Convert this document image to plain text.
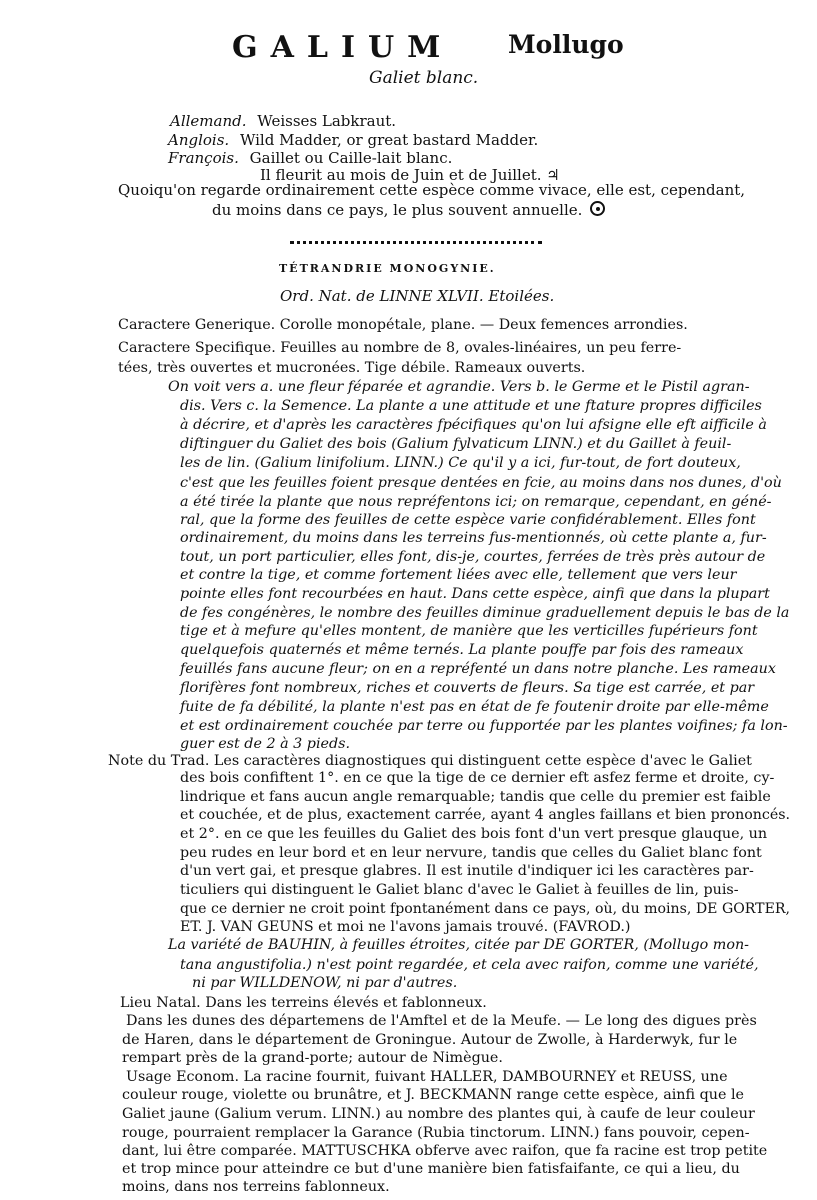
GALIUM Mollugo
Galiet blanc.
Allemand. Weisses Labkraut.
Anglois. Wild Madder, or great bastard Madder.
François. Gaillet ou Caille-lait blanc.
Il fleurit au mois de Juin et de Juillet. ♃
Quoiqu'on regarde ordinairement cette espèce comme vivace, elle est, cependant,
du moins dans ce pays, le plus souvent annuelle.
TÉTRANDRIE MONOGYNIE.
Ord. Nat. de LINNE XLVII. Etoilées.
Caractere Generique. Corolle monopétale, plane. — Deux femences arrondies.
Caractere Specifique. Feuilles au nombre de 8, ovales-linéaires, un peu ferre-
tées, très ouvertes et mucronées. Tige débile. Rameaux ouverts.
On voit vers a. une fleur féparée et agrandie. Vers b. le Germe et le Pistil agran-
dis. Vers c. la Semence. La plante a une attitude et une ftature propres difficiles
à décrire, et d'après les caractères fpécifiques qu'on lui afsigne elle eft aifficile à
diftinguer du Galiet des bois (Galium fylvaticum LINN.) et du Gaillet à feuil-
les de lin. (Galium linifolium. LINN.) Ce qu'il y a ici, fur-tout, de fort douteux,
c'est que les feuilles foient presque dentées en fcie, au moins dans nos dunes, d'où
a été tirée la plante que nous repréfentons ici; on remarque, cependant, en géné-
ral, que la forme des feuilles de cette espèce varie confidérablement. Elles font
ordinairement, du moins dans les terreins fus-mentionnés, où cette plante a, fur-
tout, un port particulier, elles font, dis-je, courtes, ferrées de très près autour de
et contre la tige, et comme fortement liées avec elle, tellement que vers leur
pointe elles font recourbées en haut. Dans cette espèce, ainfi que dans la plupart
de fes congénères, le nombre des feuilles diminue graduellement depuis le bas de la
tige et à mefure qu'elles montent, de manière que les verticilles fupérieurs font
quelquefois quaternés et même ternés. La plante pouffe par fois des rameaux
feuillés fans aucune fleur; on en a repréfenté un dans notre planche. Les rameaux
florifères font nombreux, riches et couverts de fleurs. Sa tige est carrée, et par
fuite de fa débilité, la plante n'est pas en état de fe foutenir droite par elle-même
et est ordinairement couchée par terre ou fupportée par les plantes voifines; fa lon-
guer est de 2 à 3 pieds.
Note du Trad. Les caractères diagnostiques qui distinguent cette espèce d'avec le Galiet
des bois confiftent 1°. en ce que la tige de ce dernier eft asfez ferme et droite, cy-
lindrique et fans aucun angle remarquable; tandis que celle du premier est faible
et couchée, et de plus, exactement carrée, ayant 4 angles faillans et bien prononcés.
et 2°. en ce que les feuilles du Galiet des bois font d'un vert presque glauque, un
peu rudes en leur bord et en leur nervure, tandis que celles du Galiet blanc font
d'un vert gai, et presque glabres. Il est inutile d'indiquer ici les caractères par-
ticuliers qui distinguent le Galiet blanc d'avec le Galiet à feuilles de lin, puis-
que ce dernier ne croit point fpontanément dans ce pays, où, du moins, DE GORTER,
ET. J. VAN GEUNS et moi ne l'avons jamais trouvé. (FAVROD.)
La variété de BAUHIN, à feuilles étroites, citée par DE GORTER, (Mollugo mon-
tana angustifolia.) n'est point regardée, et cela avec raifon, comme une variété,
ni par WILLDENOW, ni par d'autres.
Lieu Natal. Dans les terreins élevés et fablonneux.
Dans les dunes des départemens de l'Amftel et de la Meufe. — Le long des digues près
de Haren, dans le département de Groningue. Autour de Zwolle, à Harderwyk, fur le
rempart près de la grand-porte; autour de Nimègue.
Usage Econom. La racine fournit, fuivant HALLER, DAMBOURNEY et REUSS, une
couleur rouge, violette ou brunâtre, et J. BECKMANN range cette espèce, ainfi que le
Galiet jaune (Galium verum. LINN.) au nombre des plantes qui, à caufe de leur couleur
rouge, pourraient remplacer la Garance (Rubia tinctorum. LINN.) fans pouvoir, cepen-
dant, lui être comparée. MATTUSCHKA obferve avec raifon, que fa racine est trop petite
et trop mince pour atteindre ce but d'une manière bien fatisfaifante, ce qui a lieu, du
moins, dans nos terreins fablonneux.
